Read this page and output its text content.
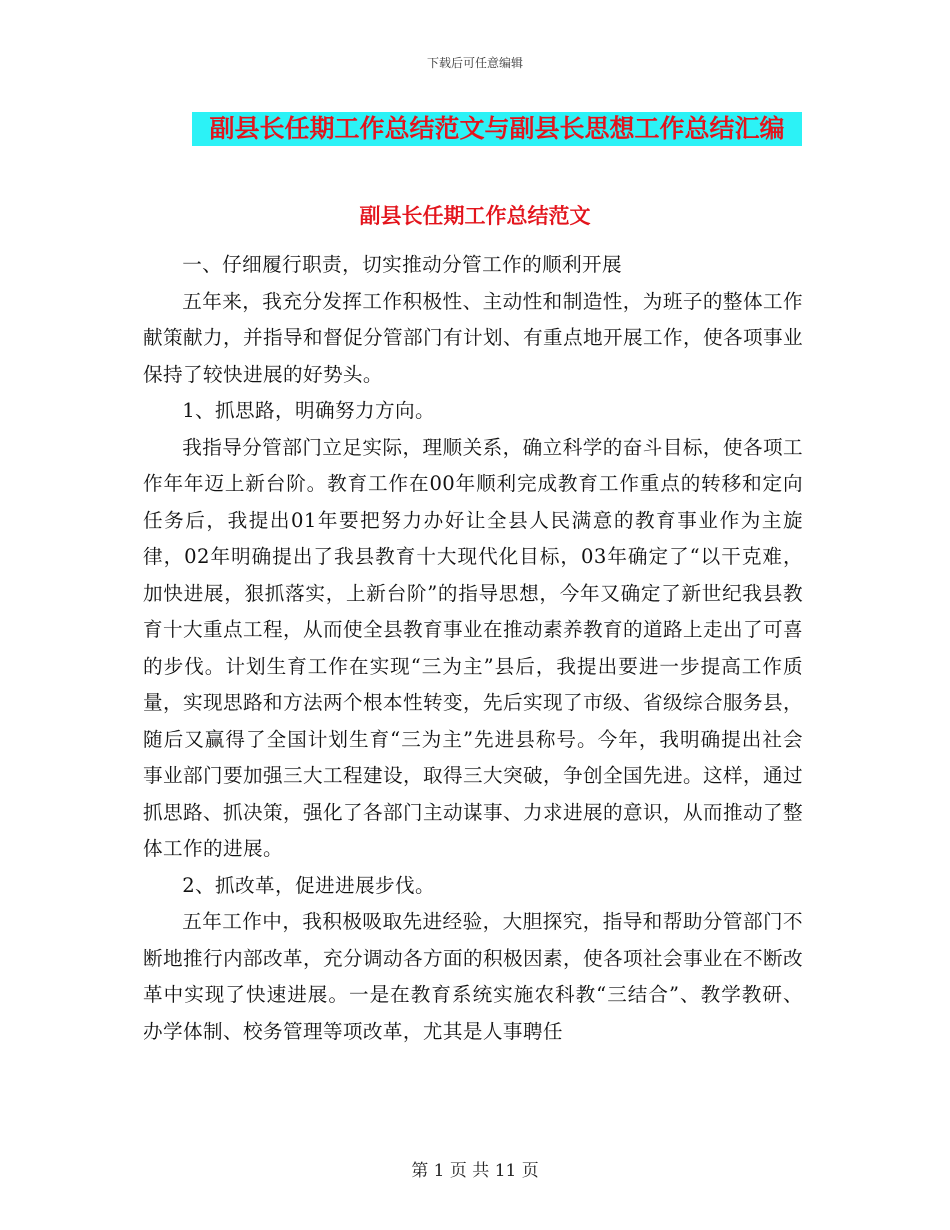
下载后可任意编辑
副县长任期工作总结范文与副县长思想工作总结汇编
副县长任期工作总结范文

一、仔细履行职责，切实推动分管工作的顺利开展

五年来，我充分发挥工作积极性、主动性和制造性，为班子的整体工作献策献力，并指导和督促分管部门有计划、有重点地开展工作，使各项事业保持了较快进展的好势头。

1、抓思路，明确努力方向。

我指导分管部门立足实际，理顺关系，确立科学的奋斗目标，使各项工作年年迈上新台阶。教育工作在00年顺利完成教育工作重点的转移和定向任务后，我提出01年要把努力办好让全县人民满意的教育事业作为主旋律，02年明确提出了我县教育十大现代化目标，03年确定了“以干克难，加快进展，狠抓落实，上新台阶”的指导思想，今年又确定了新世纪我县教育十大重点工程，从而使全县教育事业在推动素养教育的道路上走出了可喜的步伐。计划生育工作在实现“三为主”县后，我提出要进一步提高工作质量，实现思路和方法两个根本性转变，先后实现了市级、省级综合服务县，随后又赢得了全国计划生育“三为主”先进县称号。今年，我明确提出社会事业部门要加强三大工程建设，取得三大突破，争创全国先进。这样，通过抓思路、抓决策，强化了各部门主动谋事、力求进展的意识，从而推动了整体工作的进展。

2、抓改革，促进进展步伐。

五年工作中，我积极吸取先进经验，大胆探究，指导和帮助分管部门不断地推行内部改革，充分调动各方面的积极因素，使各项社会事业在不断改革中实现了快速进展。一是在教育系统实施农科教“三结合”、教学教研、办学体制、校务管理等项改革，尤其是人事聘任

第 1 页 共 11 页
